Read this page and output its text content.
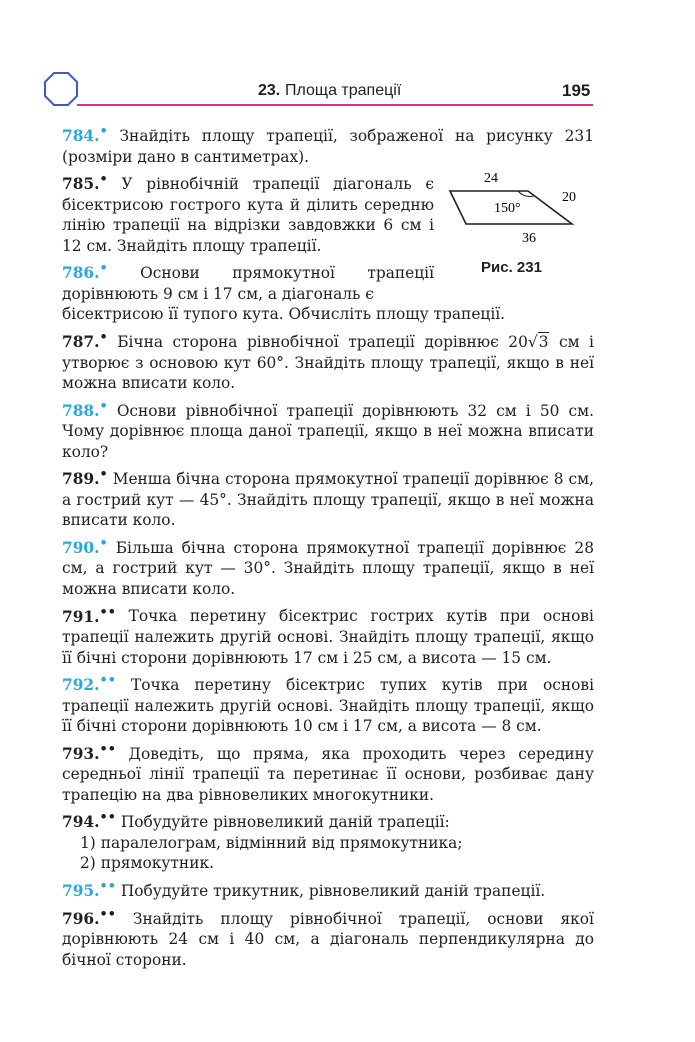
23. Площа трапеції	195
24
20
150°
36
Рис. 231
784.• Знайдіть площу трапеції, зображеної на рисунку 231 (розміри дано в сантиметрах).
785.• У рівнобічній трапеції діагональ є бісектрисою гострого кута й ділить середню лінію трапеції на відрізки завдовжки 6 см і 12 см. Знайдіть площу трапеції.
786.• Основи прямокутної трапеції дорівнюють 9 см і 17 см, а діагональ є
бісектрисою її тупого кута. Обчисліть площу трапеції.
787.• Бічна сторона рівнобічної трапеції дорівнює 20√3 см і утворює з основою кут 60°. Знайдіть площу трапеції, якщо в неї можна вписати коло.
788.• Основи рівнобічної трапеції дорівнюють 32 см і 50 см. Чому дорівнює площа даної трапеції, якщо в неї можна вписати коло?
789.• Менша бічна сторона прямокутної трапеції дорівнює 8 см, а гострий кут — 45°. Знайдіть площу трапеції, якщо в неї можна вписати коло.
790.• Більша бічна сторона прямокутної трапеції дорівнює 28 см, а гострий кут — 30°. Знайдіть площу трапеції, якщо в неї можна вписати коло.
791.•• Точка перетину бісектрис гострих кутів при основі трапеції належить другій основі. Знайдіть площу трапеції, якщо її бічні сторони дорівнюють 17 см і 25 см, а висота — 15 см.
792.•• Точка перетину бісектрис тупих кутів при основі трапеції належить другій основі. Знайдіть площу трапеції, якщо її бічні сторони дорівнюють 10 см і 17 см, а висота — 8 см.
793.•• Доведіть, що пряма, яка проходить через середину середньої лінії трапеції та перетинає її основи, розбиває дану трапецію на два рівновеликих многокутники.
794.•• Побудуйте рівновеликий даній трапеції:
1) паралелограм, відмінний від прямокутника;
2) прямокутник.
795.•• Побудуйте трикутник, рівновеликий даній трапеції.
796.•• Знайдіть площу рівнобічної трапеції, основи якої дорівнюють 24 см і 40 см, а діагональ перпендикулярна до бічної сторони.
